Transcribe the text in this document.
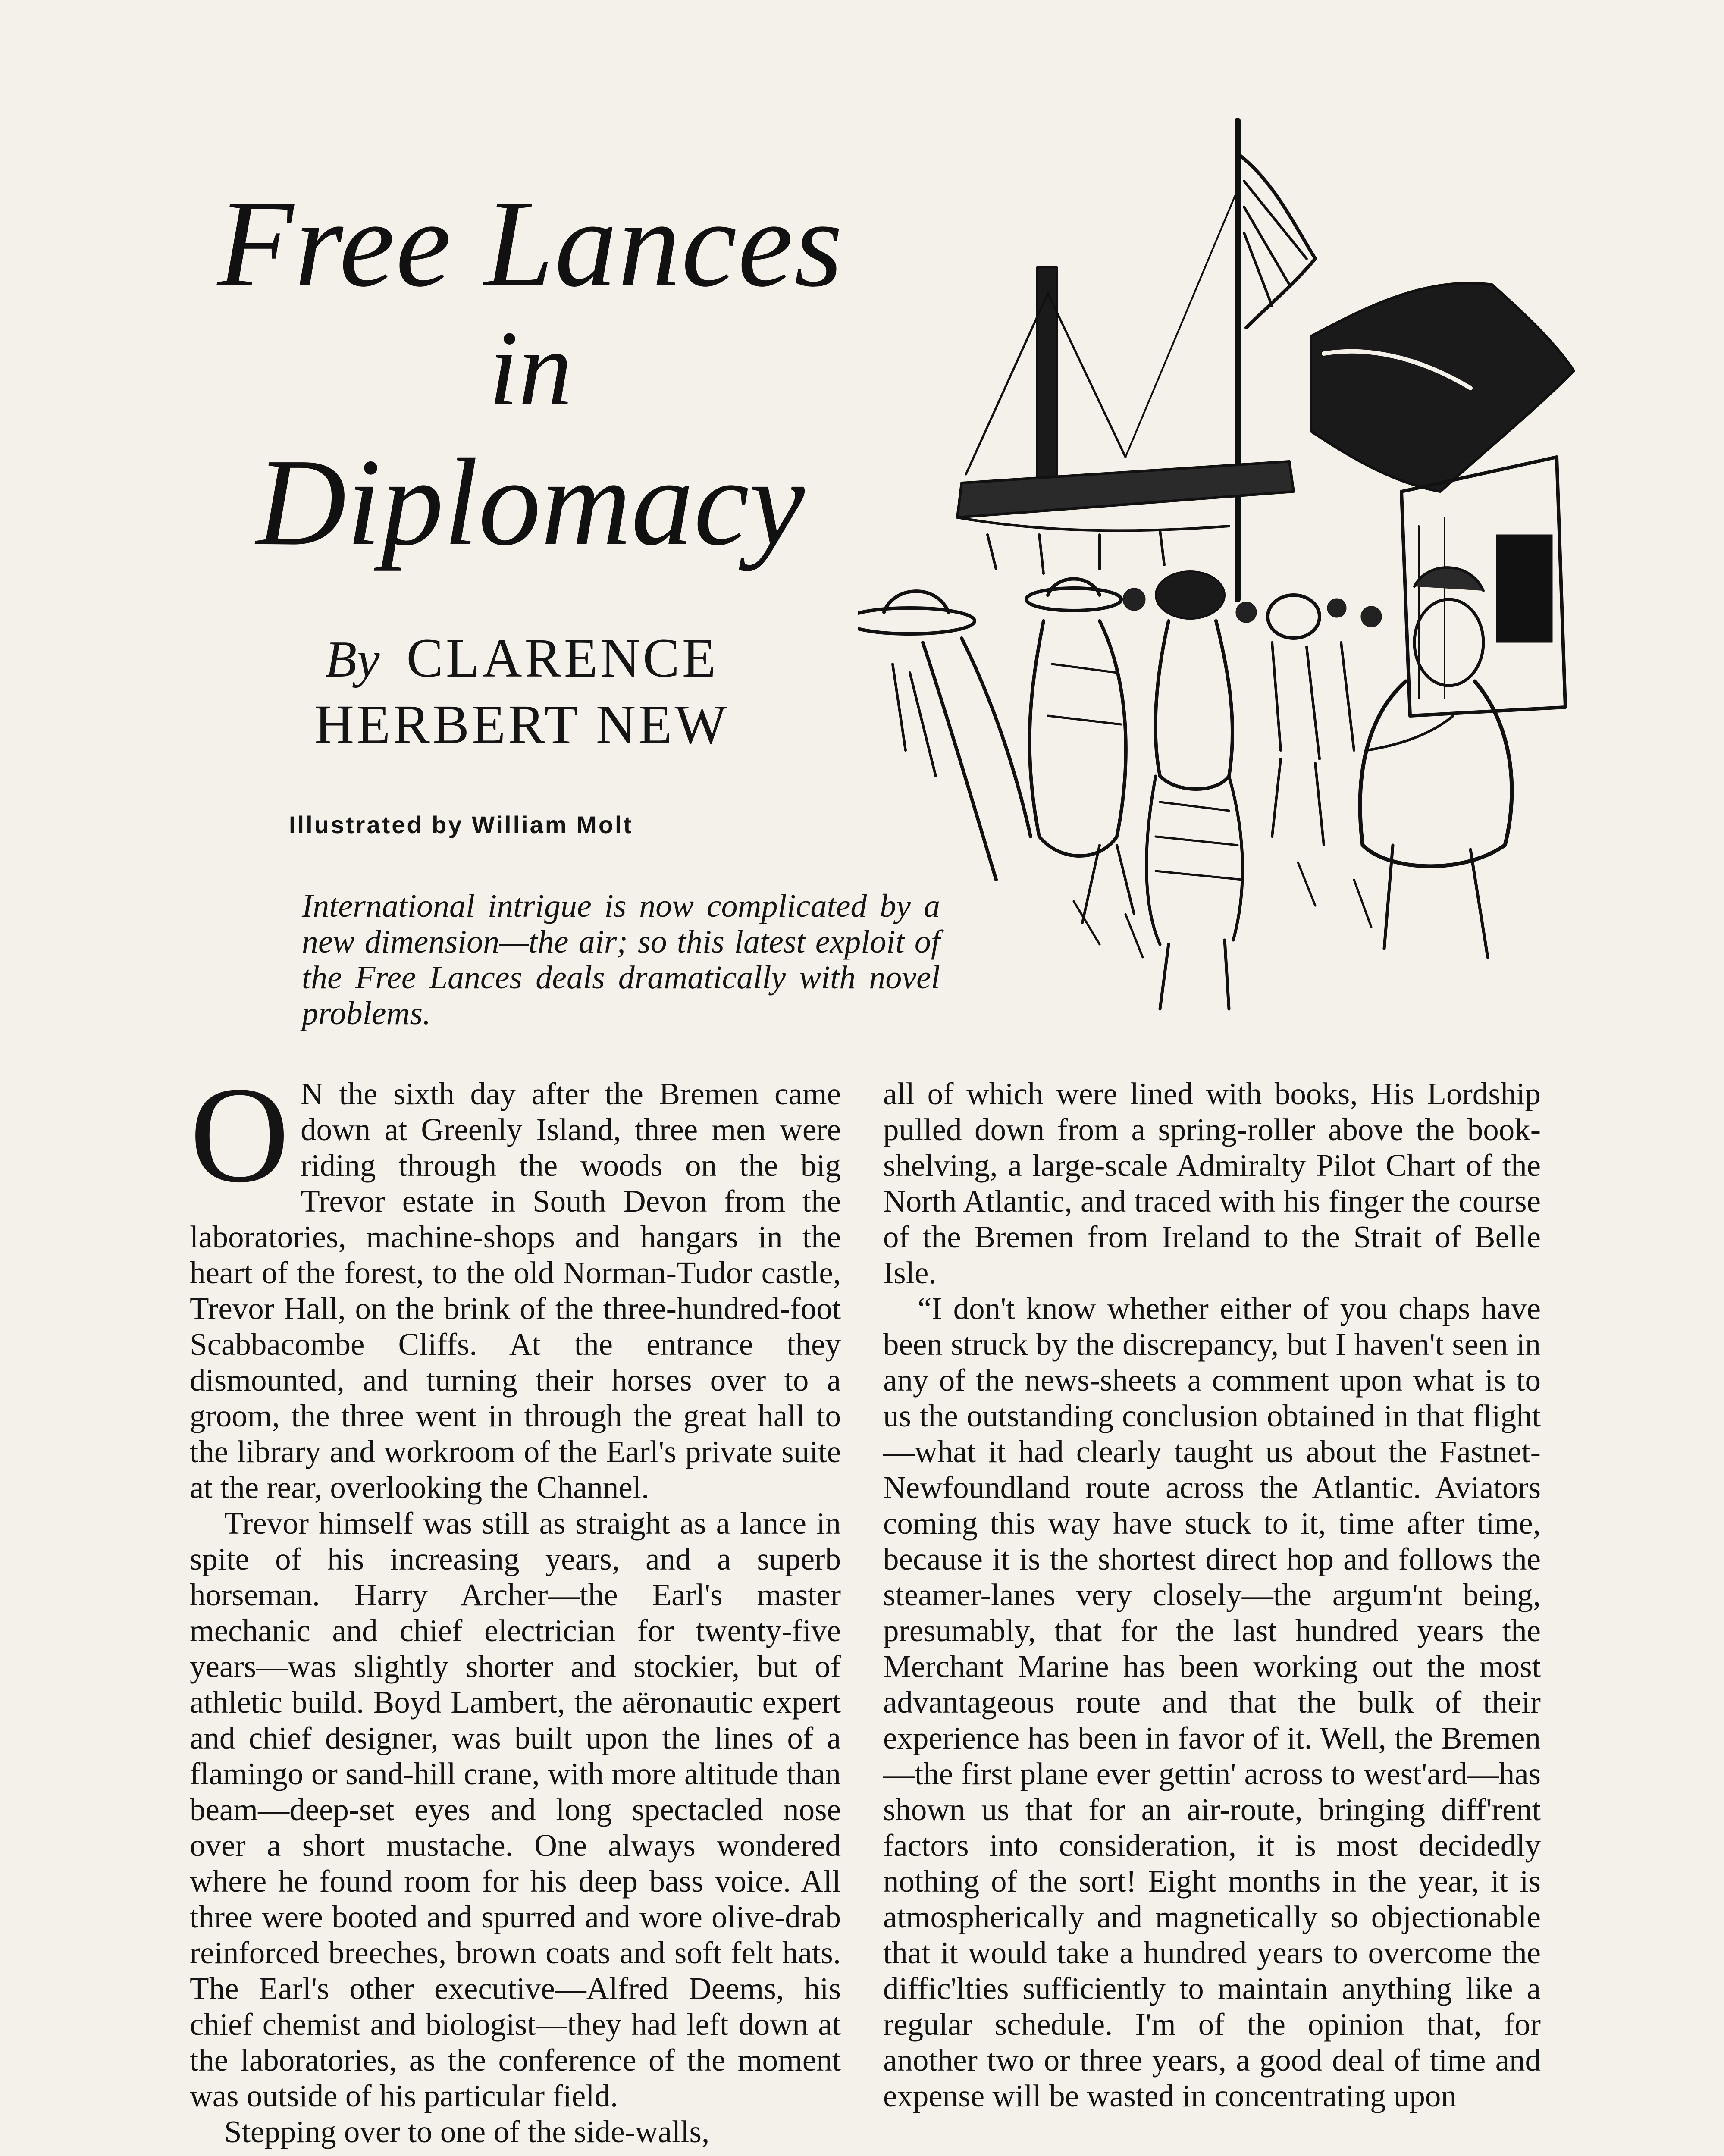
Free Lances
in
Diplomacy
By CLARENCE
HERBERT NEW
Illustrated by William Molt
International intrigue is now complicated by a new dimension—the air; so this latest exploit of the Free Lances deals dramatically with novel problems.

O N the sixth day after the Bremen came down at Greenly Island, three men were riding through the woods on the big Trevor estate in South Devon from the laboratories, machine-shops and hangars in the heart of the forest, to the old Norman-Tudor castle, Trevor Hall, on the brink of the three-hundred-foot Scabbacombe Cliffs. At the entrance they dismounted, and turning their horses over to a groom, the three went in through the great hall to the library and workroom of the Earl's private suite at the rear, overlooking the Channel.

Trevor himself was still as straight as a lance in spite of his increasing years, and a superb horseman. Harry Archer—the Earl's master mechanic and chief electrician for twenty-five years—was slightly shorter and stockier, but of athletic build. Boyd Lambert, the aëronautic expert and chief designer, was built upon the lines of a flamingo or sand-hill crane, with more altitude than beam—deep-set eyes and long spectacled nose over a short mustache. One always wondered where he found room for his deep bass voice. All three were booted and spurred and wore olive-drab reinforced breeches, brown coats and soft felt hats. The Earl's other executive—Alfred Deems, his chief chemist and biologist—they had left down at the laboratories, as the conference of the moment was outside of his particular field.

Stepping over to one of the side-walls,

all of which were lined with books, His Lordship pulled down from a spring-roller above the book-shelving, a large-scale Admiralty Pilot Chart of the North Atlantic, and traced with his finger the course of the Bremen from Ireland to the Strait of Belle Isle.

“I don't know whether either of you chaps have been struck by the discrepancy, but I haven't seen in any of the news-sheets a comment upon what is to us the outstanding conclusion obtained in that flight—what it had clearly taught us about the Fastnet-Newfoundland route across the Atlantic. Aviators coming this way have stuck to it, time after time, because it is the shortest direct hop and follows the steamer-lanes very closely—the argum'nt being, presumably, that for the last hundred years the Merchant Marine has been working out the most advantageous route and that the bulk of their experience has been in favor of it. Well, the Bremen—the first plane ever gettin' across to west'ard—has shown us that for an air-route, bringing diff'rent factors into consideration, it is most decidedly nothing of the sort! Eight months in the year, it is atmospherically and magnetically so objectionable that it would take a hundred years to overcome the diffic'lties sufficiently to maintain anything like a regular schedule. I'm of the opinion that, for another two or three years, a good deal of time and expense will be wasted in concentrating upon
